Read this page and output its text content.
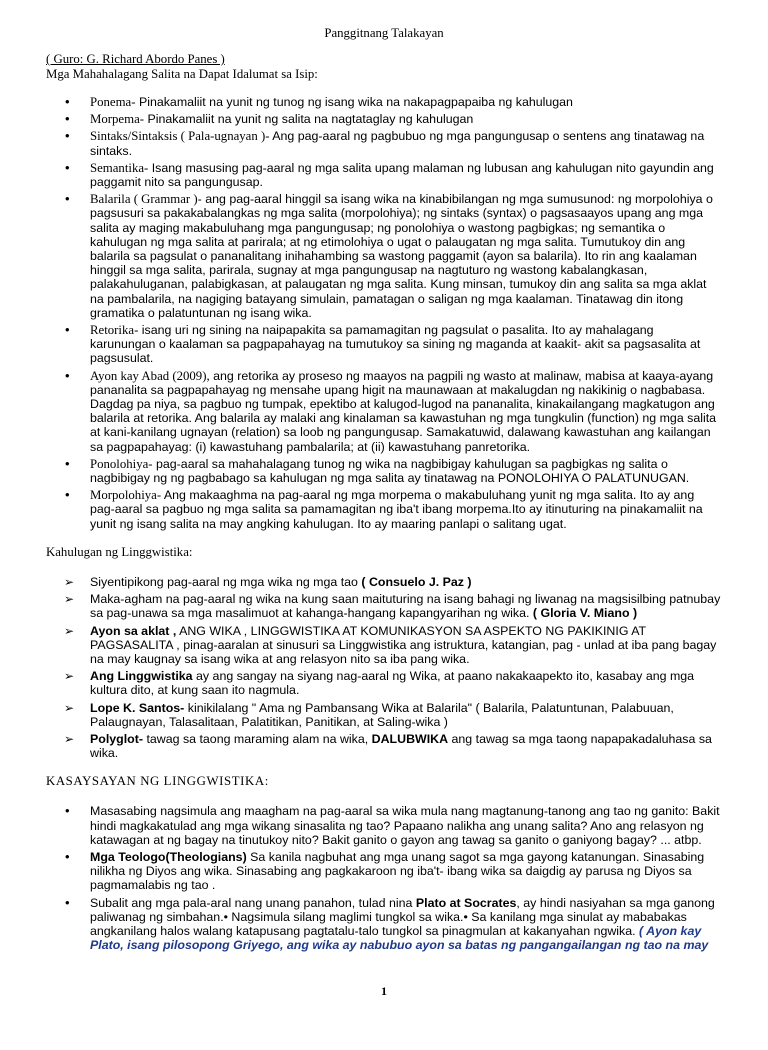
Panggitnang Talakayan
( Guro: G. Richard Abordo Panes )
Mga Mahahalagang Salita na Dapat Idalumat sa Isip:
• Ponema- Pinakamaliit na yunit ng tunog ng isang wika na nakapagpapaiba ng kahulugan
• Morpema- Pinakamaliit na yunit ng salita na nagtataglay ng kahulugan
• Sintaks/Sintaksis ( Pala-ugnayan )- Ang pag-aaral ng pagbubuo ng mga pangungusap o sentens ang tinatawag na sintaks.
• Semantika- Isang masusing pag-aaral ng mga salita upang malaman ng lubusan ang kahulugan nito gayundin ang paggamit nito sa pangungusap.
• Balarila ( Grammar )- ang pag-aaral hinggil sa isang wika na kinabibilangan ng mga sumusunod: ng morpolohiya o pagsusuri sa pakakabalangkas ng mga salita (morpolohiya); ng sintaks (syntax) o pagsasaayos upang ang mga salita ay maging makabuluhang mga pangungusap; ng ponolohiya o wastong pagbigkas; ng semantika o kahulugan ng mga salita at parirala; at ng etimolohiya o ugat o palaugatan ng mga salita. Tumutukoy din ang balarila sa pagsulat o pananalitang inihahambing sa wastong paggamit (ayon sa balarila). Ito rin ang kaalaman hinggil sa mga salita, parirala, sugnay at mga pangungusap na nagtuturo ng wastong kabalangkasan, palakahuluganan, palabigkasan, at palaugatan ng mga salita. Kung minsan, tumukoy din ang salita sa mga aklat na pambalarila, na nagiging batayang simulain, pamatagan o saligan ng mga kaalaman. Tinatawag din itong gramatika o palatuntunan ng isang wika.
• Retorika- isang uri ng sining na naipapakita sa pamamagitan ng pagsulat o pasalita. Ito ay mahalagang karunungan o kaalaman sa pagpapahayag na tumutukoy sa sining ng maganda at kaakit- akit sa pagsasalita at pagsusulat.
• Ayon kay Abad (2009), ang retorika ay proseso ng maayos na pagpili ng wasto at malinaw, mabisa at kaaya-ayang pananalita sa pagpapahayag ng mensahe upang higit na maunawaan at makalugdan ng nakikinig o nagbabasa. Dagdag pa niya, sa pagbuo ng tumpak, epektibo at kalugod-lugod na pananalita, kinakailangang magkatugon ang balarila at retorika. Ang balarila ay malaki ang kinalaman sa kawastuhan ng mga tungkulin (function) ng mga salita at kani-kanilang ugnayan (relation) sa loob ng pangungusap. Samakatuwid, dalawang kawastuhan ang kailangan sa pagpapahayag: (i) kawastuhang pambalarila; at (ii) kawastuhang panretorika.
• Ponolohiya- pag-aaral sa mahahalagang tunog ng wika na nagbibigay kahulugan sa pagbigkas ng salita o nagbibigay ng ng pagbabago sa kahulugan ng mga salita ay tinatawag na PONOLOHIYA O PALATUNUGAN.
• Morpolohiya- Ang makaaghma na pag-aaral ng mga morpema o makabuluhang yunit ng mga salita. Ito ay ang pag-aaral sa pagbuo ng mga salita sa pamamagitan ng iba't ibang morpema.Ito ay itinuturing na pinakamaliit na yunit ng isang salita na may angking kahulugan. Ito ay maaring panlapi o salitang ugat.
Kahulugan ng Linggwistika:
➢ Siyentipikong pag-aaral ng mga wika ng mga tao ( Consuelo J. Paz )
➢ Maka-agham na pag-aaral ng wika na kung saan maituturing na isang bahagi ng liwanag na magsisilbing patnubay sa pag-unawa sa mga masalimuot at kahanga-hangang kapangyarihan ng wika. ( Gloria V. Miano )
➢ Ayon sa aklat , ANG WIKA , LINGGWISTIKA AT KOMUNIKASYON SA ASPEKTO NG PAKIKINIG AT PAGSASALITA , pinag-aaralan at sinusuri sa Linggwistika ang istruktura, katangian, pag - unlad at iba pang bagay na may kaugnay sa isang wika at ang relasyon nito sa iba pang wika.
➢ Ang Linggwistika ay ang sangay na siyang nag-aaral ng Wika, at paano nakakaapekto ito, kasabay ang mga kultura dito, at kung saan ito nagmula.
➢ Lope K. Santos- kinikilalang " Ama ng Pambansang Wika at Balarila" ( Balarila, Palatuntunan, Palabuuan, Palaugnayan, Talasalitaan, Palatitikan, Panitikan, at Saling-wika )
➢ Polyglot- tawag sa taong maraming alam na wika, DALUBWIKA ang tawag sa mga taong napapakadaluhasa sa wika.
KASAYSAYAN NG LINGGWISTIKA:
• Masasabing nagsimula ang maagham na pag-aaral sa wika mula nang magtanung-tanong ang tao ng ganito: Bakit hindi magkakatulad ang mga wikang sinasalita ng tao? Papaano nalikha ang unang salita? Ano ang relasyon ng katawagan at ng bagay na tinutukoy nito? Bakit ganito o gayon ang tawag sa ganito o ganiyong bagay? ... atbp.
• Mga Teologo(Theologians) Sa kanila nagbuhat ang mga unang sagot sa mga gayong katanungan. Sinasabing nilikha ng Diyos ang wika. Sinasabing ang pagkakaroon ng iba't- ibang wika sa daigdig ay parusa ng Diyos sa pagmamalabis ng tao .
• Subalit ang mga pala-aral nang unang panahon, tulad nina Plato at Socrates, ay hindi nasiyahan sa mga ganong paliwanag ng simbahan.• Nagsimula silang maglimi tungkol sa wika.• Sa kanilang mga sinulat ay mababakas angkanilang halos walang katapusang pagtatalu-talo tungkol sa pinagmulan at kakanyahan ngwika. ( Ayon kay Plato, isang pilosopong Griyego, ang wika ay nabubuo ayon sa batas ng pangangailangan ng tao na may
1
